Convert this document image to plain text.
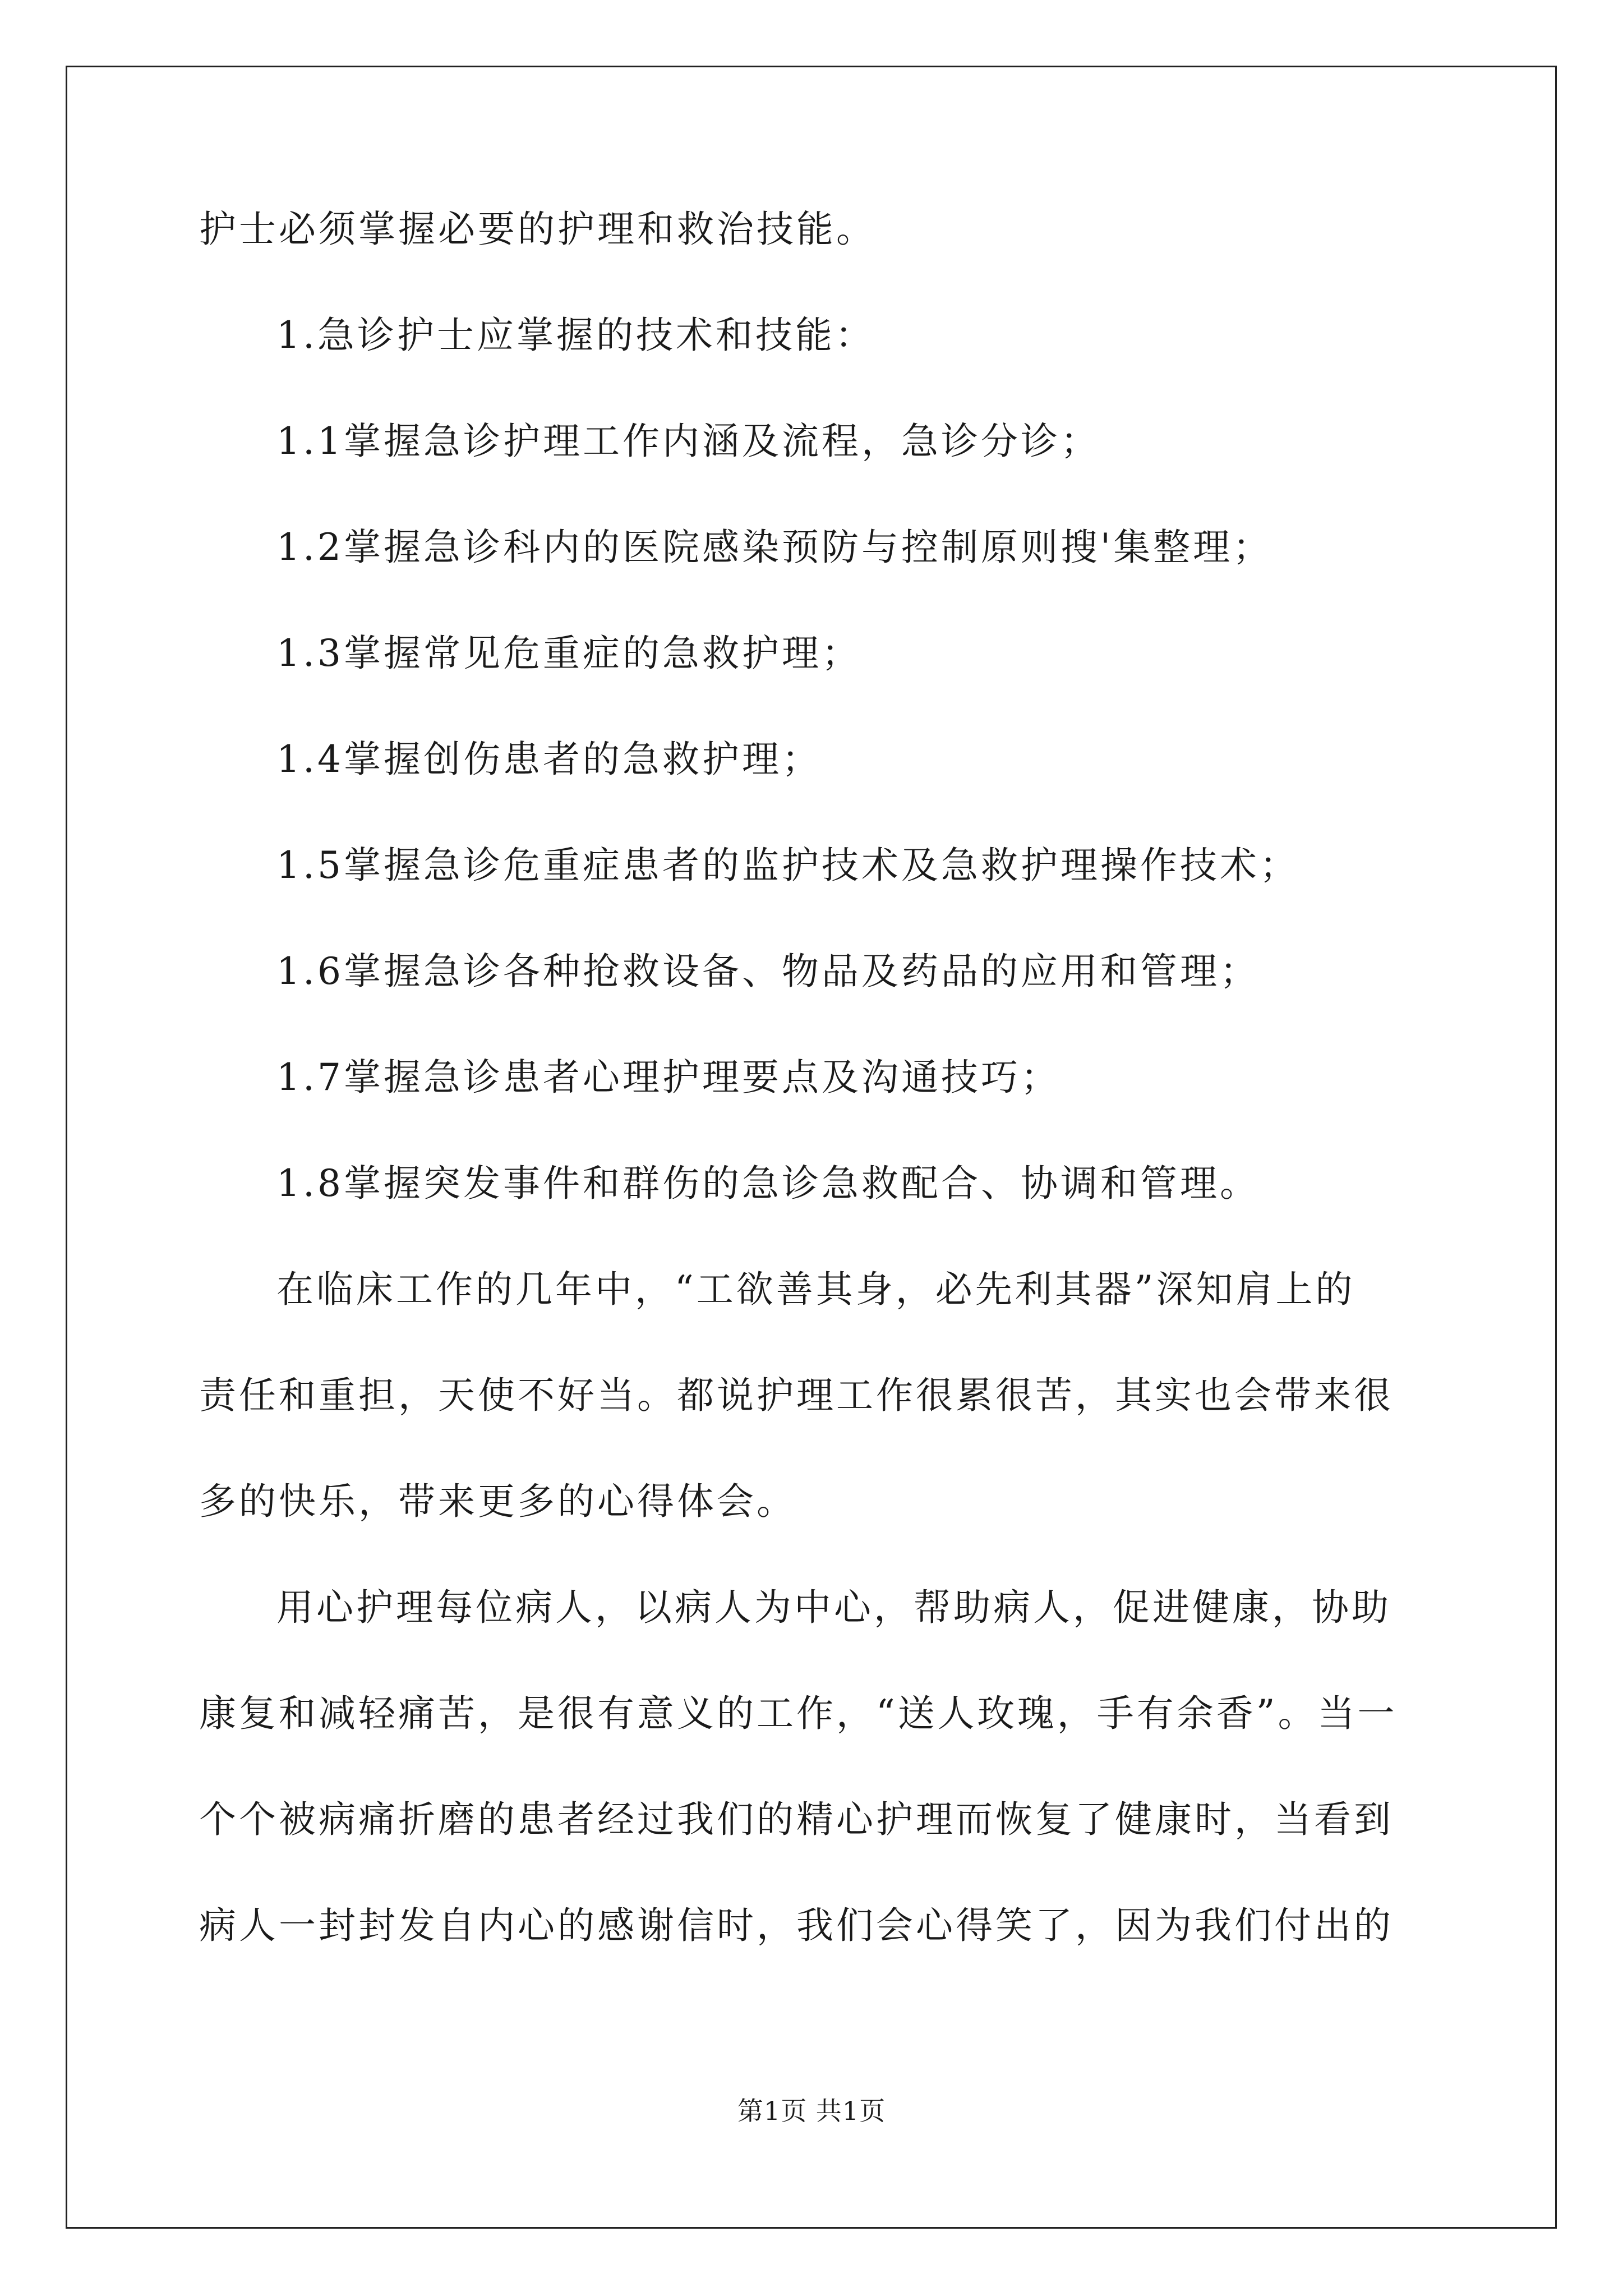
护士必须掌握必要的护理和救治技能。
1.急诊护士应掌握的技术和技能：
1.1掌握急诊护理工作内涵及流程，急诊分诊；
1.2掌握急诊科内的医院感染预防与控制原则搜'集整理；
1.3掌握常见危重症的急救护理；
1.4掌握创伤患者的急救护理；
1.5掌握急诊危重症患者的监护技术及急救护理操作技术；
1.6掌握急诊各种抢救设备、物品及药品的应用和管理；
1.7掌握急诊患者心理护理要点及沟通技巧；
1.8掌握突发事件和群伤的急诊急救配合、协调和管理。
在临床工作的几年中，“工欲善其身，必先利其器”深知肩上的
责任和重担，天使不好当。都说护理工作很累很苦，其实也会带来很
多的快乐，带来更多的心得体会。
用心护理每位病人，以病人为中心，帮助病人，促进健康，协助
康复和减轻痛苦，是很有意义的工作，“送人玫瑰，手有余香”。当一
个个被病痛折磨的患者经过我们的精心护理而恢复了健康时，当看到
病人一封封发自内心的感谢信时，我们会心得笑了，因为我们付出的
第1页 共1页
